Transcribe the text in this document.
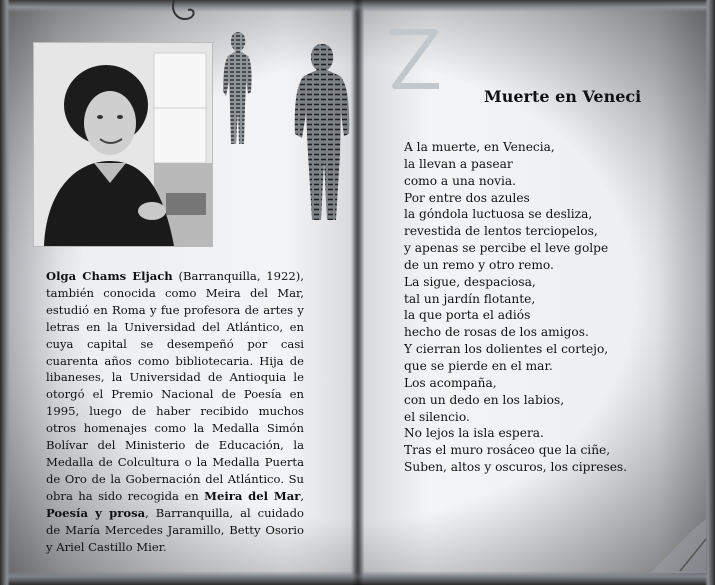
Olga Chams Eljach (Barranquilla, 1922), también conocida como Meira del Mar, estudió en Roma y fue profesora de artes y letras en la Universidad del Atlántico, en cuya capital se desempeñó por casi cuarenta años como bibliotecaria. Hija de libaneses, la Universidad de Antioquia le otorgó el Premio Nacional de Poesía en 1995, luego de haber recibido muchos otros homenajes como la Medalla Simón Bolívar del Ministerio de Educación, la Medalla de Colcultura o la Medalla Puerta de Oro de la Gobernación del Atlántico. Su obra ha sido recogida en Meira del Mar, Poesía y prosa, Barranquilla, al cuidado de María Mercedes Jaramillo, Betty Osorio y Ariel Castillo Mier.
Muerte en Veneci
A la muerte, en Venecia,
la llevan a pasear
como a una novia.
Por entre dos azules
la góndola luctuosa se desliza,
revestida de lentos terciopelos,
y apenas se percibe el leve golpe
de un remo y otro remo.
La sigue, despaciosa,
tal un jardín flotante,
la que porta el adiós
hecho de rosas de los amigos.
Y cierran los dolientes el cortejo,
que se pierde en el mar.
Los acompaña,
con un dedo en los labios,
el silencio.
No lejos la isla espera.
Tras el muro rosáceo que la ciñe,
Suben, altos y oscuros, los cipreses.
